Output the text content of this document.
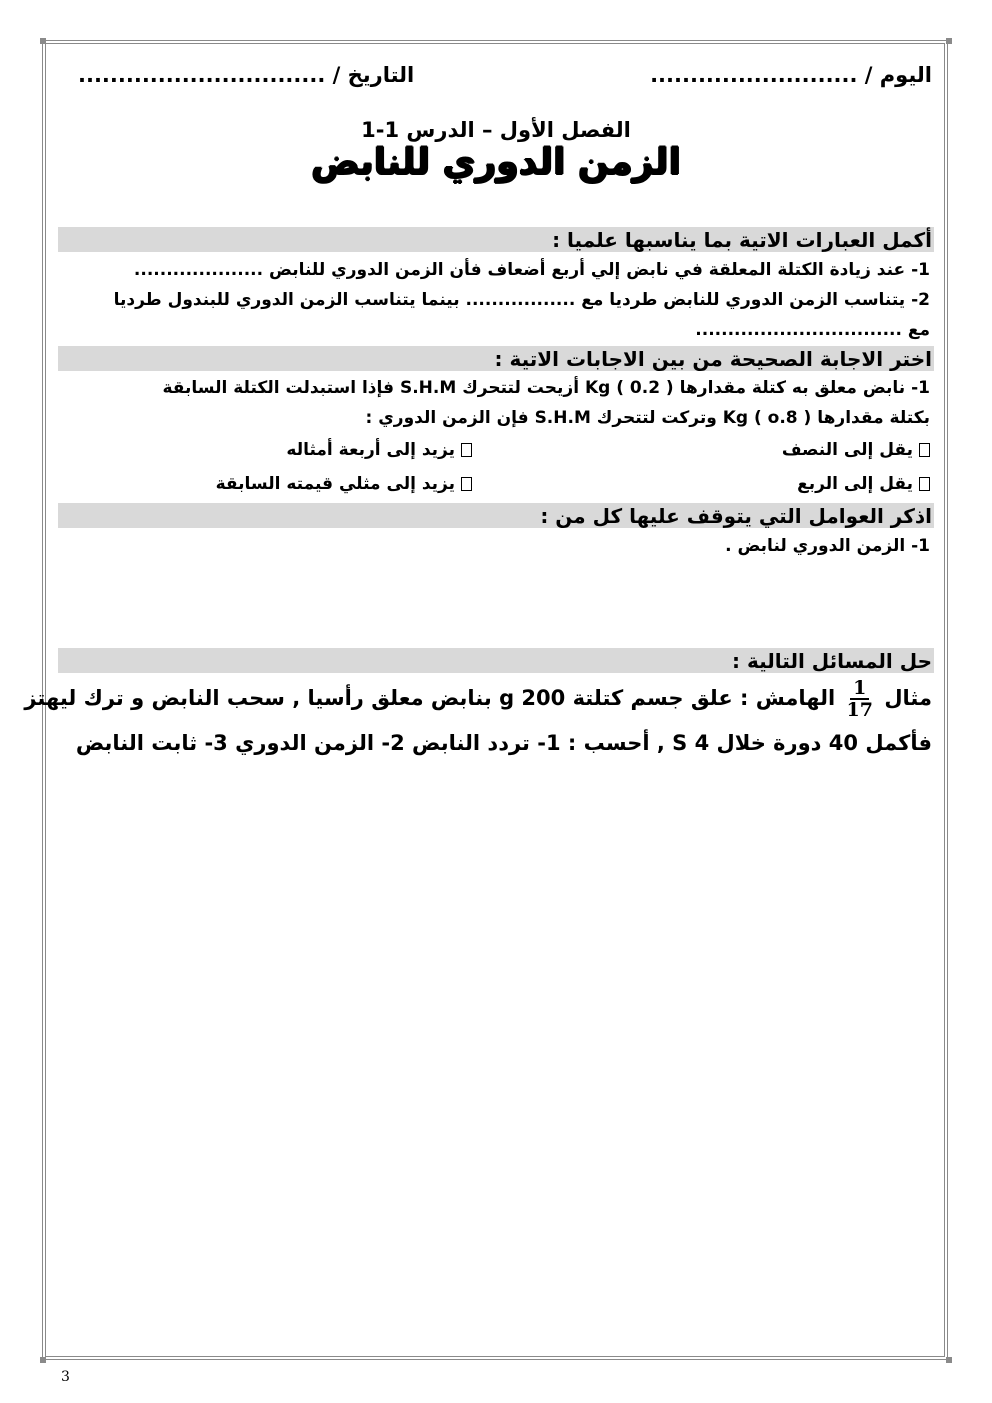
اليوم / ..........................
التاريخ / ...............................
الفصل الأول – الدرس 1-1
الزمن الدوري للنابض
أكمل العبارات الاتية بما يناسبها علميا :
1- عند زيادة الكتلة المعلقة في نابض إلي أربع أضعاف فأن الزمن الدوري للنابض ....................
2- يتناسب الزمن الدوري للنابض طرديا مع ................. بينما يتناسب الزمن الدوري للبندول طرديا
مع ................................
اختر الاجابة الصحيحة من بين الاجابات الاتية :
1- نابض معلق به كتلة مقدارها Kg ( 0.2 ) أزيحت لتتحرك S.H.M فإذا استبدلت الكتلة السابقة
بكتلة مقدارها Kg ( o.8 ) وتركت لتتحرك S.H.M فإن الزمن الدوري :
يقل إلى النصف
يزيد إلى أربعة أمثاله
يقل إلى الربع
يزيد إلى مثلي قيمته السابقة
اذكر العوامل التي يتوقف عليها كل من :
1- الزمن الدوري لنابض .
حل المسائل التالية :
مثال
$\frac{1}{17}$
الهامش : علق جسم كتلتة g 200 بنابض معلق رأسيا , سحب النابض و ترك ليهتز
فأكمل 40 دورة خلال S 4 , أحسب : 1- تردد النابض 2- الزمن الدوري 3- ثابت النابض
3
